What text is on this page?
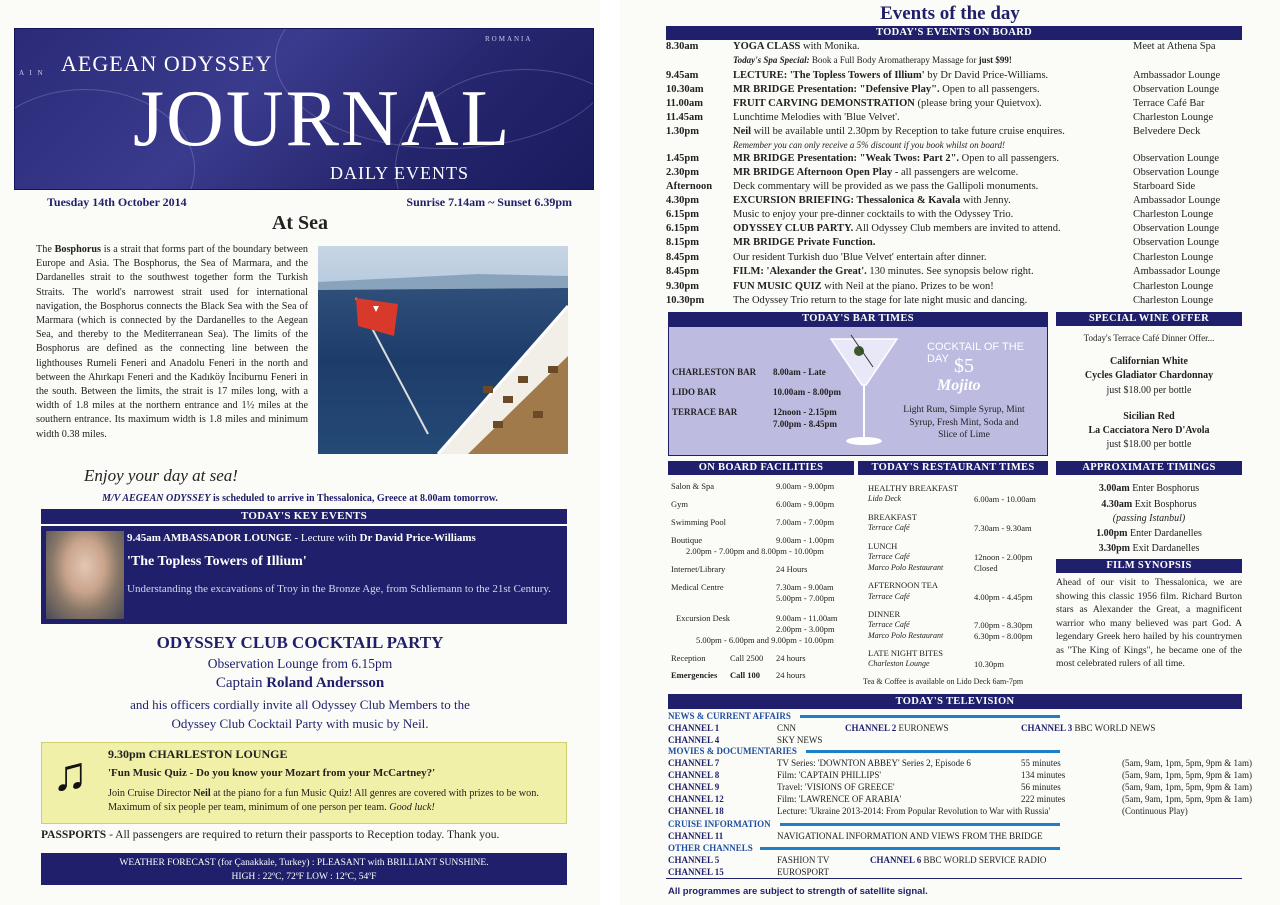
ROMANIA
A I N AEGEAN ODYSSEY
JOURNAL
DAILY EVENTS
Tuesday 14th October 2014	Sunrise 7.14am ~ Sunset 6.39pm
At Sea
The Bosphorus is a strait that forms part of the boundary between Europe and Asia. The Bosphorus, the Sea of Marmara, and the Dardanelles strait to the southwest together form the Turkish Straits. The world's narrowest strait used for international navigation, the Bosphorus connects the Black Sea with the Sea of Marmara (which is connected by the Dardanelles to the Aegean Sea, and thereby to the Mediterranean Sea). The limits of the Bosphorus are defined as the connecting line between the lighthouses Rumeli Feneri and Anadolu Feneri in the north and between the Ahırkapı Feneri and the Kadıköy İnciburnu Feneri in the south. Between the limits, the strait is 17 miles long, with a width of 1.8 miles at the northern entrance and 1½ miles at the southern entrance. Its maximum width is 1.8 miles and minimum width 0.38 miles.
Enjoy your day at sea!
M/V AEGEAN ODYSSEY is scheduled to arrive in Thessalonica, Greece at 8.00am tomorrow.
TODAY'S KEY EVENTS
9.45am AMBASSADOR LOUNGE - Lecture with Dr David Price-Williams
'The Topless Towers of Illium'
Understanding the excavations of Troy in the Bronze Age, from Schliemann to the 21st Century.
ODYSSEY CLUB COCKTAIL PARTY
Observation Lounge from 6.15pm
Captain Roland Andersson
and his officers cordially invite all Odyssey Club Members to the
Odyssey Club Cocktail Party with music by Neil.
♫ 9.30pm CHARLESTON LOUNGE
'Fun Music Quiz - Do you know your Mozart from your McCartney?'
Join Cruise Director Neil at the piano for a fun Music Quiz! All genres are covered with prizes to be won. Maximum of six people per team, minimum of one person per team. Good luck!
PASSPORTS - All passengers are required to return their passports to Reception today. Thank you.
WEATHER FORECAST (for Çanakkale, Turkey) : PLEASANT with BRILLIANT SUNSHINE.
HIGH : 22ºC, 72ºF LOW : 12ºC, 54ºF
Events of the day
TODAY'S EVENTS ON BOARD
8.30am	YOGA CLASS with Monika.	Meet at Athena Spa
9.45am	LECTURE: 'The Topless Towers of Illium' by Dr David Price-Williams.	Ambassador Lounge
10.30am	MR BRIDGE Presentation: "Defensive Play". Open to all passengers.	Observation Lounge
11.00am	FRUIT CARVING DEMONSTRATION (please bring your Quietvox).	Terrace Café Bar
11.45am	Lunchtime Melodies with 'Blue Velvet'.	Charleston Lounge
1.30pm	Neil will be available until 2.30pm by Reception to take future cruise enquires.	Belvedere Deck
1.45pm	MR BRIDGE Presentation: "Weak Twos: Part 2". Open to all passengers.	Observation Lounge
2.30pm	MR BRIDGE Afternoon Open Play - all passengers are welcome.	Observation Lounge
Afternoon Deck commentary will be provided as we pass the Gallipoli monuments.	Starboard Side
4.30pm	EXCURSION BRIEFING: Thessalonica & Kavala with Jenny.	Ambassador Lounge
6.15pm	Music to enjoy your pre-dinner cocktails to with the Odyssey Trio.	Charleston Lounge
6.15pm	ODYSSEY CLUB PARTY. All Odyssey Club members are invited to attend.	Observation Lounge
8.15pm	MR BRIDGE Private Function.	Observation Lounge
8.45pm	Our resident Turkish duo 'Blue Velvet' entertain after dinner.	Charleston Lounge
8.45pm	FILM: 'Alexander the Great'. 130 minutes. See synopsis below right.	Ambassador Lounge
9.30pm	FUN MUSIC QUIZ with Neil at the piano. Prizes to be won!	Charleston Lounge
10.30pm	The Odyssey Trio return to the stage for late night music and dancing.	Charleston Lounge
Today's Spa Special: Book a Full Body Aromatherapy Massage for just $99!
Remember you can only receive a 5% discount if you book whilst on board!
TODAY'S BAR TIMES
CHARLESTON BAR 8.00am - Late
LIDO BAR	10.00am - 8.00pm
TERRACE BAR	12noon - 2.15pm
7.00pm - 8.45pm
COCKTAIL OF THE DAY $5
Mojito
Light Rum, Simple Syrup, Mint Syrup, Fresh Mint, Soda and Slice of Lime
SPECIAL WINE OFFER
Today's Terrace Café Dinner Offer...
Californian White
Cycles Gladiator Chardonnay
just $18.00 per bottle
Sicilian Red
La Cacciatora Nero D'Avola
just $18.00 per bottle
ON BOARD FACILITIES
Salon & Spa	9.00am - 9.00pm
Gym	6.00am - 9.00pm
Swimming Pool	7.00am - 7.00pm
Boutique	9.00am - 1.00pm
2.00pm - 7.00pm and 8.00pm - 10.00pm
Internet/Library	24 Hours
Medical Centre	7.30am - 9.00am
5.00pm - 7.00pm
Excursion Desk	9.00am - 11.00am
2.00pm - 3.00pm
5.00pm - 6.00pm and 9.00pm - 10.00pm
Reception	Call 2500 24 hours
Emergencies Call 100 24 hours
TODAY'S RESTAURANT TIMES
HEALTHY BREAKFAST
Lido Deck	6.00am - 10.00am
BREAKFAST
Terrace Café	7.30am - 9.30am
LUNCH
Terrace Café	12noon - 2.00pm
Marco Polo Restaurant	Closed
AFTERNOON TEA
Terrace Café	4.00pm - 4.45pm
DINNER
Terrace Café	7.00pm - 8.30pm
Marco Polo Restaurant	6.30pm - 8.00pm
LATE NIGHT BITES
Charleston Lounge	10.30pm
Tea & Coffee is available on Lido Deck 6am-7pm
APPROXIMATE TIMINGS
3.00am Enter Bosphorus
4.30am Exit Bosphorus
(passing Istanbul)
1.00pm Enter Dardanelles
3.30pm Exit Dardanelles
FILM SYNOPSIS
Ahead of our visit to Thessalonica, we are showing this classic 1956 film. Richard Burton stars as Alexander the Great, a magnificent warrior who many believed was part God. A legendary Greek hero hailed by his countrymen as "The King of Kings", he became one of the most celebrated rulers of all time.
TODAY'S TELEVISION
NEWS & CURRENT AFFAIRS
CHANNEL 1	CNN	CHANNEL 2 EURONEWS	CHANNEL 3 BBC WORLD NEWS
CHANNEL 4	SKY NEWS
MOVIES & DOCUMENTARIES
CHANNEL 7	TV Series: 'DOWNTON ABBEY' Series 2, Episode 6	55 minutes	(5am, 9am, 1pm, 5pm, 9pm & 1am)
CHANNEL 8	Film: 'CAPTAIN PHILLIPS'	134 minutes	(5am, 9am, 1pm, 5pm, 9pm & 1am)
CHANNEL 9	Travel: 'VISIONS OF GREECE'	56 minutes	(5am, 9am, 1pm, 5pm, 9pm & 1am)
CHANNEL 12	Film: 'LAWRENCE OF ARABIA'	222 minutes	(5am, 9am, 1pm, 5pm, 9pm & 1am)
CHANNEL 18	Lecture: 'Ukraine 2013-2014: From Popular Revolution to War with Russia'	(Continuous Play)
CRUISE INFORMATION
CHANNEL 11	NAVIGATIONAL INFORMATION AND VIEWS FROM THE BRIDGE
OTHER CHANNELS
CHANNEL 5	FASHION TV	CHANNEL 6 BBC WORLD SERVICE RADIO
CHANNEL 15	EUROSPORT
All programmes are subject to strength of satellite signal.
